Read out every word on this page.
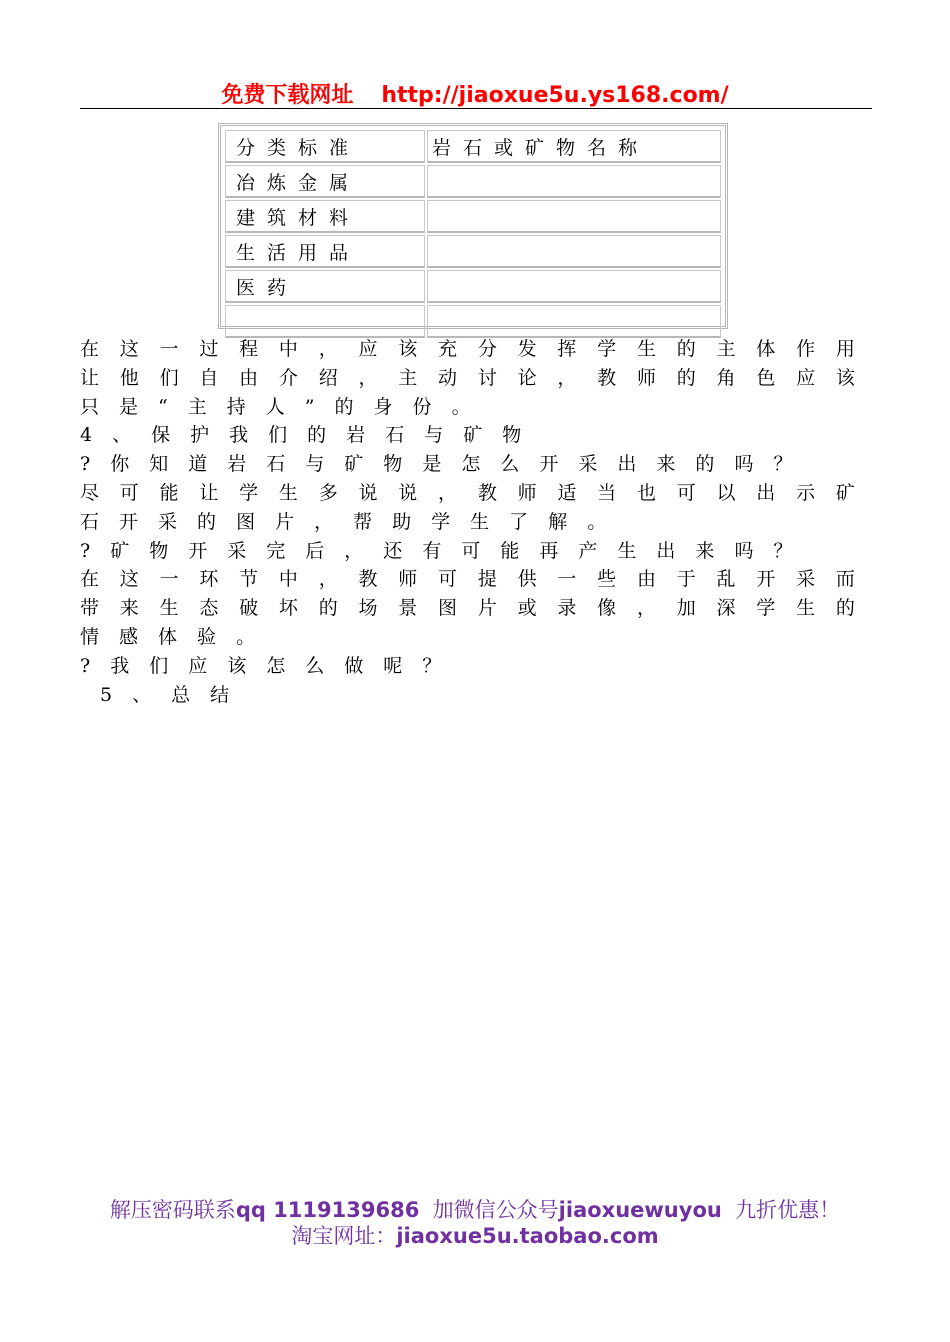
免费下载网址 http://jiaoxue5u.ys168.com/
分类标准	岩石或矿物名称
冶炼金属	
建筑材料	
生活用品	
医药	

在 这 一 过 程 中 ， 应 该 充 分 发 挥 学 生 的 主 体 作 用
让 他 们 自 由 介 绍 ， 主 动 讨 论 ， 教 师 的 角 色 应 该
只 是 “ 主 持 人 ” 的 身 份 。
4 、 保 护 我 们 的 岩 石 与 矿 物
? 你 知 道 岩 石 与 矿 物 是 怎 么 开 采 出 来 的 吗 ？
尽 可 能 让 学 生 多 说 说 ， 教 师 适 当 也 可 以 出 示 矿
石 开 采 的 图 片 ， 帮 助 学 生 了 解 。
? 矿 物 开 采 完 后 ， 还 有 可 能 再 产 生 出 来 吗 ？
在 这 一 环 节 中 ， 教 师 可 提 供 一 些 由 于 乱 开 采 而
带 来 生 态 破 坏 的 场 景 图 片 或 录 像 ， 加 深 学 生 的
情 感 体 验 。
? 我 们 应 该 怎 么 做 呢 ？
5 、 总 结
解压密码联系qq 1119139686 加微信公众号jiaoxuewuyou 九折优惠！
淘宝网址：jiaoxue5u.taobao.com
